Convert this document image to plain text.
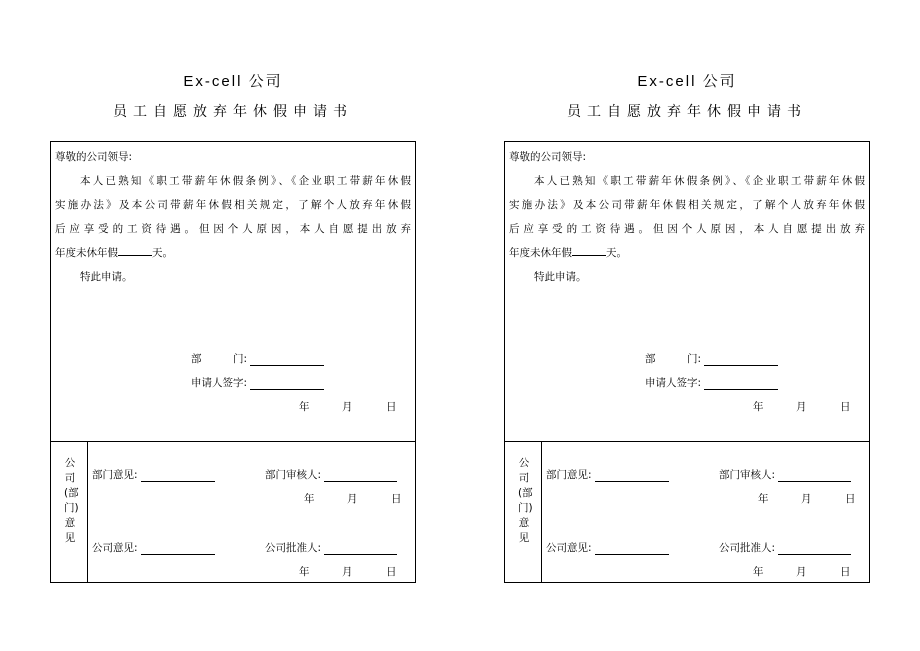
Ex-cell 公司
员工自愿放弃年休假申请书
尊敬的公司领导:
本人已熟知《职工带薪年休假条例》、《企业职工带薪年休假
实施办法》及本公司带薪年休假相关规定，了解个人放弃年休假
后应享受的工资待遇。但因个人原因，本人自愿提出放弃
年度未休年假	天。
特此申请。
部　　　门:
申请人签字:
年	月	日
公司(部门)意见
部门意见:	部门审核人:
年	月	日
公司意见:	公司批准人:
年	月	日
Ex-cell 公司
员工自愿放弃年休假申请书
尊敬的公司领导:
本人已熟知《职工带薪年休假条例》、《企业职工带薪年休假
实施办法》及本公司带薪年休假相关规定，了解个人放弃年休假
后应享受的工资待遇。但因个人原因，本人自愿提出放弃
年度未休年假	天。
特此申请。
部　　　门:
申请人签字:
年	月	日
公司(部门)意见
部门意见:	部门审核人:
年	月	日
公司意见:	公司批准人:
年	月	日
